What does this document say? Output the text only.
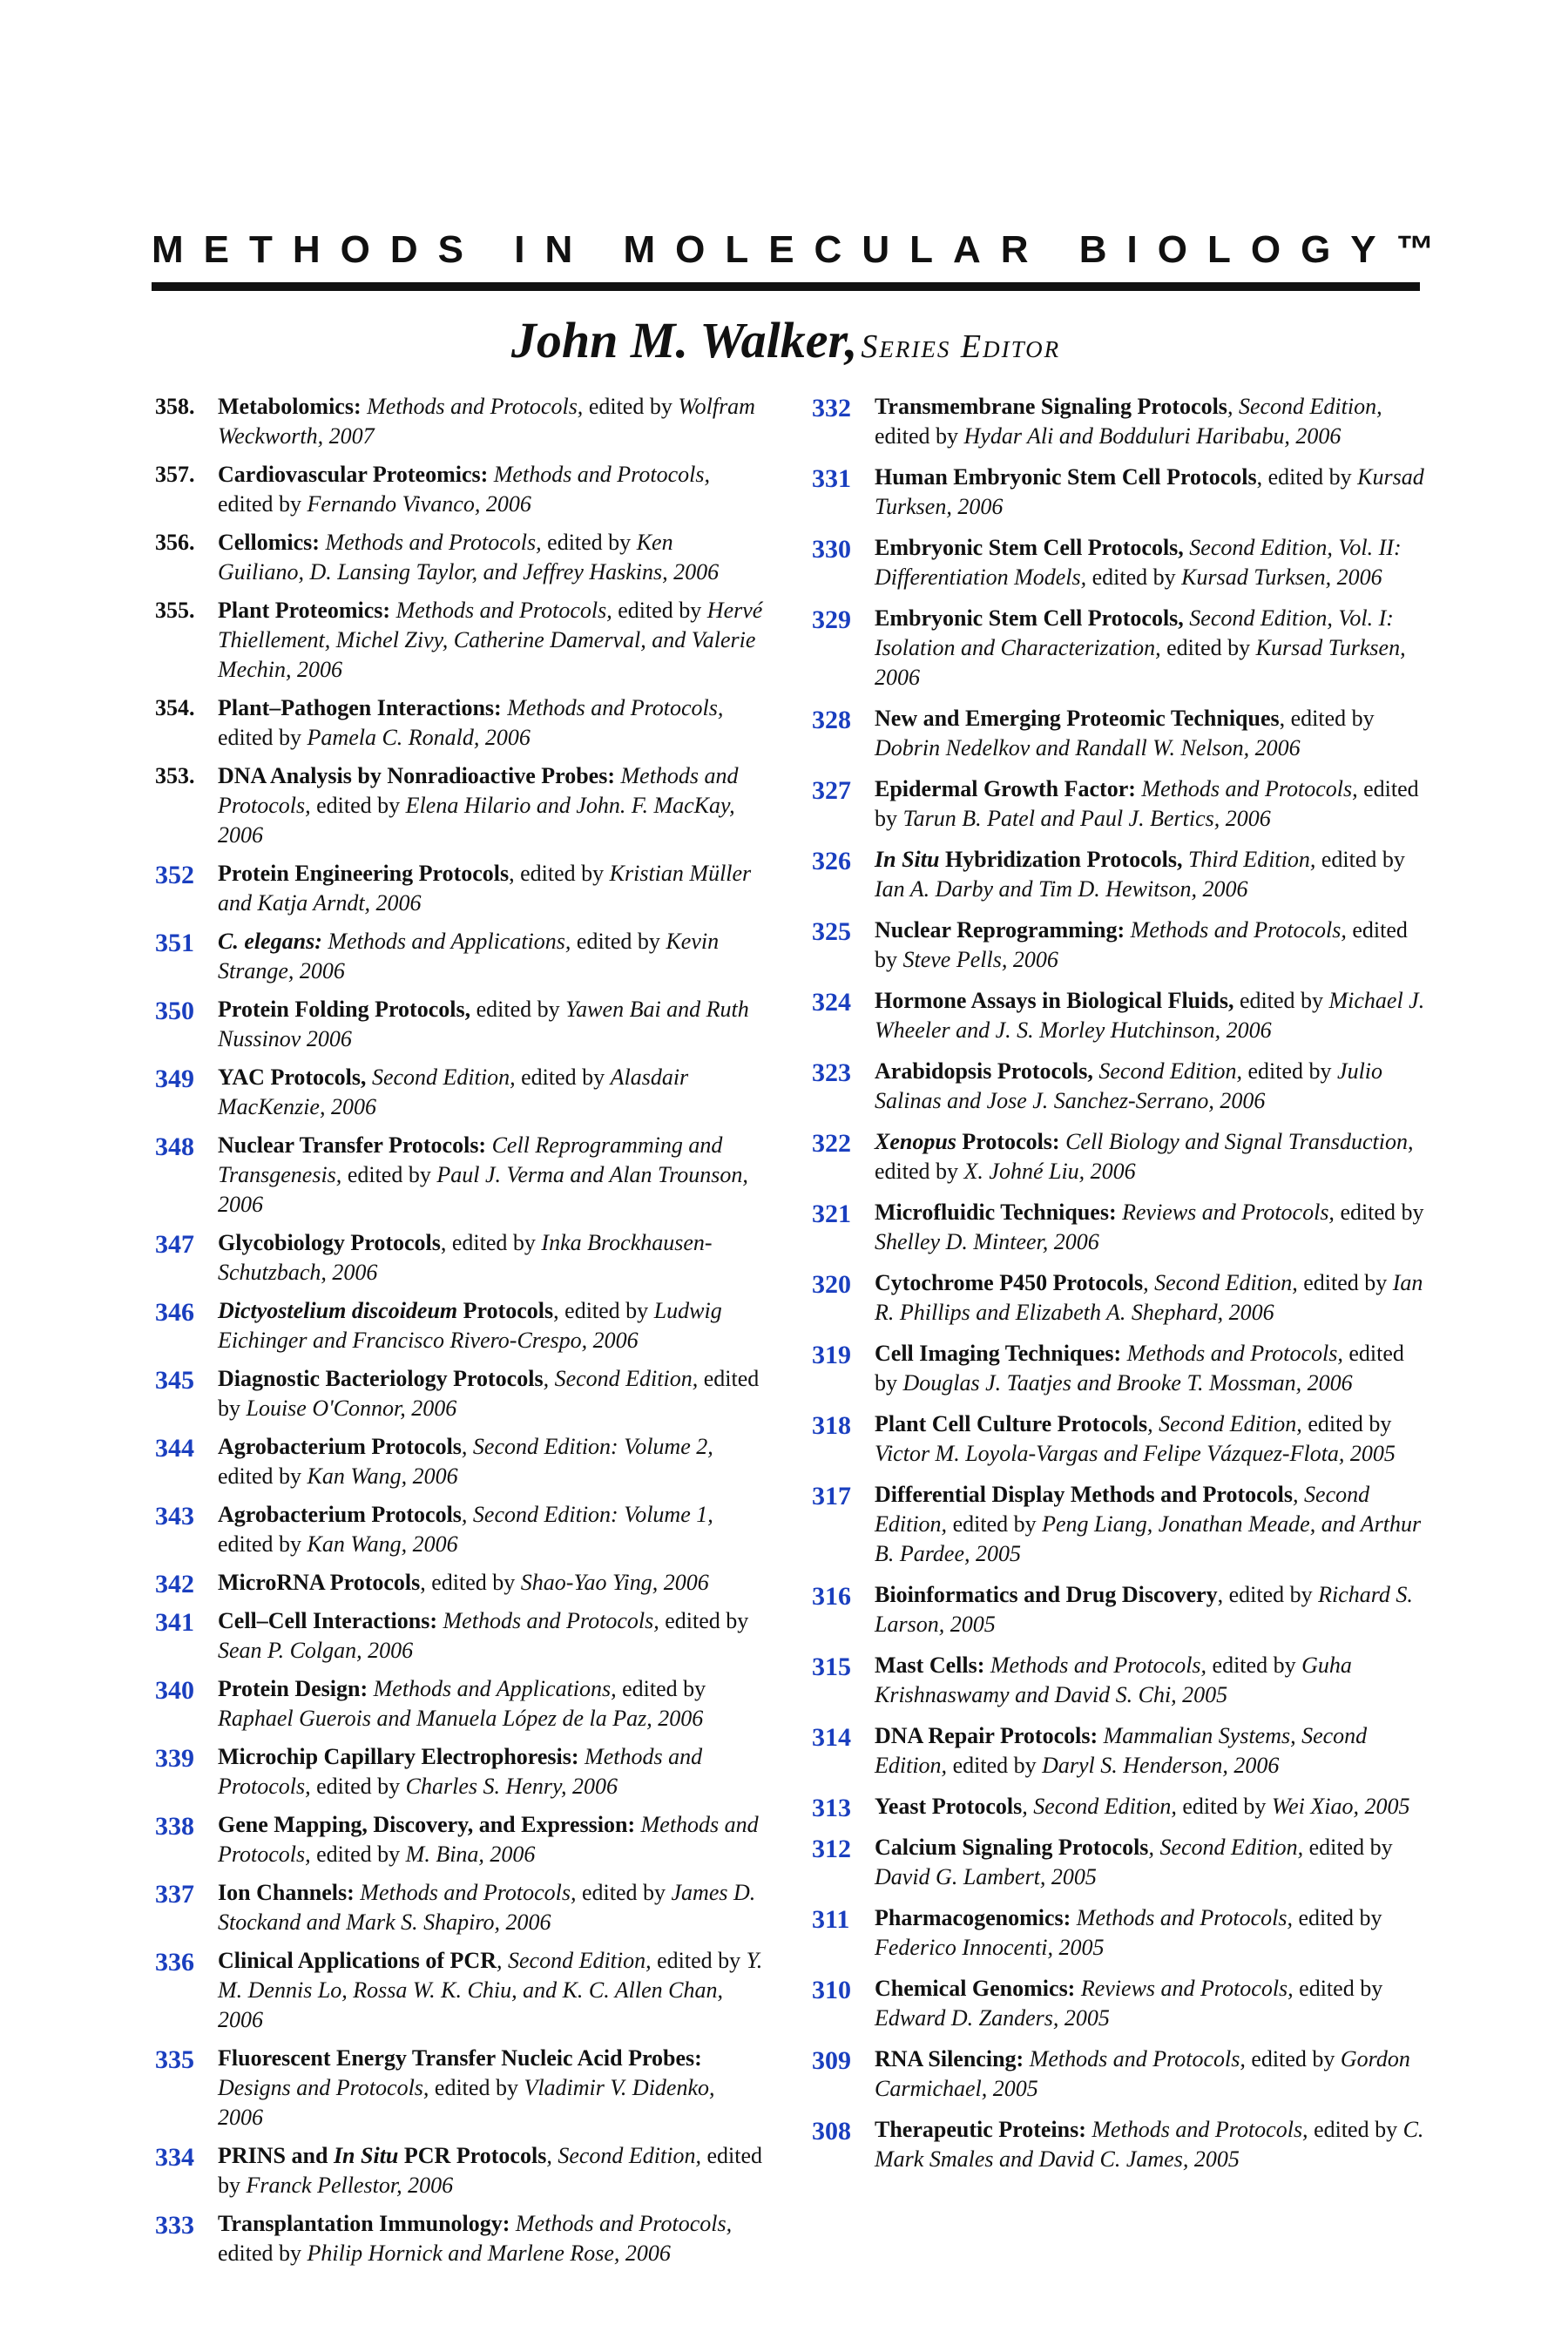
METHODS IN MOLECULAR BIOLOGY™
John M. Walker, Series Editor
358.	Metabolomics: Methods and Protocols, edited by Wolfram Weckworth, 2007
357.	Cardiovascular Proteomics: Methods and Protocols, edited by Fernando Vivanco, 2006
356.	Cellomics: Methods and Protocols, edited by Ken Guiliano, D. Lansing Taylor, and Jeffrey Haskins, 2006
355.	Plant Proteomics: Methods and Protocols, edited by Hervé Thiellement, Michel Zivy, Catherine Damerval, and Valerie Mechin, 2006
354.	Plant–Pathogen Interactions: Methods and Protocols, edited by Pamela C. Ronald, 2006
353.	DNA Analysis by Nonradioactive Probes: Methods and Protocols, edited by Elena Hilario and John. F. MacKay, 2006
352	Protein Engineering Protocols, edited by Kristian Müller and Katja Arndt, 2006
351	C. elegans: Methods and Applications, edited by Kevin Strange, 2006
350	Protein Folding Protocols, edited by Yawen Bai and Ruth Nussinov 2006
349	YAC Protocols, Second Edition, edited by Alasdair MacKenzie, 2006
348	Nuclear Transfer Protocols: Cell Reprogramming and Transgenesis, edited by Paul J. Verma and Alan Trounson, 2006
347	Glycobiology Protocols, edited by Inka Brockhausen-Schutzbach, 2006
346	Dictyostelium discoideum Protocols, edited by Ludwig Eichinger and Francisco Rivero-Crespo, 2006
345	Diagnostic Bacteriology Protocols, Second Edition, edited by Louise O'Connor, 2006
344	Agrobacterium Protocols, Second Edition: Volume 2, edited by Kan Wang, 2006
343	Agrobacterium Protocols, Second Edition: Volume 1, edited by Kan Wang, 2006
342	MicroRNA Protocols, edited by Shao-Yao Ying, 2006
341	Cell–Cell Interactions: Methods and Protocols, edited by Sean P. Colgan, 2006
340	Protein Design: Methods and Applications, edited by Raphael Guerois and Manuela López de la Paz, 2006
339	Microchip Capillary Electrophoresis: Methods and Protocols, edited by Charles S. Henry, 2006
338	Gene Mapping, Discovery, and Expression: Methods and Protocols, edited by M. Bina, 2006
337	Ion Channels: Methods and Protocols, edited by James D. Stockand and Mark S. Shapiro, 2006
336	Clinical Applications of PCR, Second Edition, edited by Y. M. Dennis Lo, Rossa W. K. Chiu, and K. C. Allen Chan, 2006
335	Fluorescent Energy Transfer Nucleic Acid Probes: Designs and Protocols, edited by Vladimir V. Didenko, 2006
334	PRINS and In Situ PCR Protocols, Second Edition, edited by Franck Pellestor, 2006
333	Transplantation Immunology: Methods and Protocols, edited by Philip Hornick and Marlene Rose, 2006
332	Transmembrane Signaling Protocols, Second Edition, edited by Hydar Ali and Bodduluri Haribabu, 2006
331	Human Embryonic Stem Cell Protocols, edited by Kursad Turksen, 2006
330	Embryonic Stem Cell Protocols, Second Edition, Vol. II: Differentiation Models, edited by Kursad Turksen, 2006
329	Embryonic Stem Cell Protocols, Second Edition, Vol. I: Isolation and Characterization, edited by Kursad Turksen, 2006
328	New and Emerging Proteomic Techniques, edited by Dobrin Nedelkov and Randall W. Nelson, 2006
327	Epidermal Growth Factor: Methods and Protocols, edited by Tarun B. Patel and Paul J. Bertics, 2006
326	In Situ Hybridization Protocols, Third Edition, edited by Ian A. Darby and Tim D. Hewitson, 2006
325	Nuclear Reprogramming: Methods and Protocols, edited by Steve Pells, 2006
324	Hormone Assays in Biological Fluids, edited by Michael J. Wheeler and J. S. Morley Hutchinson, 2006
323	Arabidopsis Protocols, Second Edition, edited by Julio Salinas and Jose J. Sanchez-Serrano, 2006
322	Xenopus Protocols: Cell Biology and Signal Transduction, edited by X. Johné Liu, 2006
321	Microfluidic Techniques: Reviews and Protocols, edited by Shelley D. Minteer, 2006
320	Cytochrome P450 Protocols, Second Edition, edited by Ian R. Phillips and Elizabeth A. Shephard, 2006
319	Cell Imaging Techniques: Methods and Protocols, edited by Douglas J. Taatjes and Brooke T. Mossman, 2006
318	Plant Cell Culture Protocols, Second Edition, edited by Victor M. Loyola-Vargas and Felipe Vázquez-Flota, 2005
317	Differential Display Methods and Protocols, Second Edition, edited by Peng Liang, Jonathan Meade, and Arthur B. Pardee, 2005
316	Bioinformatics and Drug Discovery, edited by Richard S. Larson, 2005
315	Mast Cells: Methods and Protocols, edited by Guha Krishnaswamy and David S. Chi, 2005
314	DNA Repair Protocols: Mammalian Systems, Second Edition, edited by Daryl S. Henderson, 2006
313	Yeast Protocols, Second Edition, edited by Wei Xiao, 2005
312	Calcium Signaling Protocols, Second Edition, edited by David G. Lambert, 2005
311	Pharmacogenomics: Methods and Protocols, edited by Federico Innocenti, 2005
310	Chemical Genomics: Reviews and Protocols, edited by Edward D. Zanders, 2005
309	RNA Silencing: Methods and Protocols, edited by Gordon Carmichael, 2005
308	Therapeutic Proteins: Methods and Protocols, edited by C. Mark Smales and David C. James, 2005
